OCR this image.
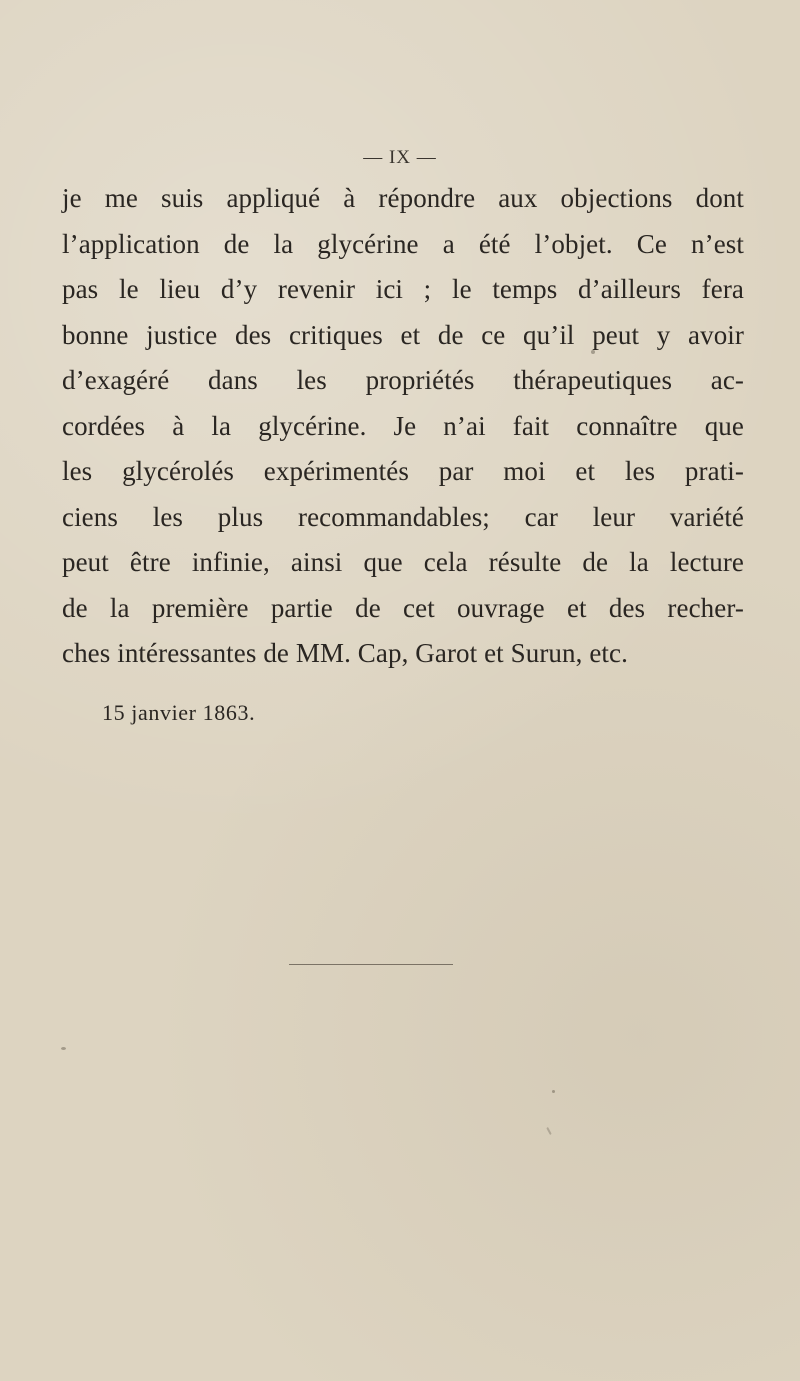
— IX —
je me suis appliqué à répondre aux objections dont
l’application de la glycérine a été l’objet. Ce n’est
pas le lieu d’y revenir ici ; le temps d’ailleurs fera
bonne justice des critiques et de ce qu’il peut y avoir
d’exagéré dans les propriétés thérapeutiques ac-
cordées à la glycérine. Je n’ai fait connaître que
les glycérolés expérimentés par moi et les prati-
ciens les plus recommandables; car leur variété
peut être infinie, ainsi que cela résulte de la lecture
de la première partie de cet ouvrage et des recher-
ches intéressantes de MM. Cap, Garot et Surun, etc.
15 janvier 1863.
